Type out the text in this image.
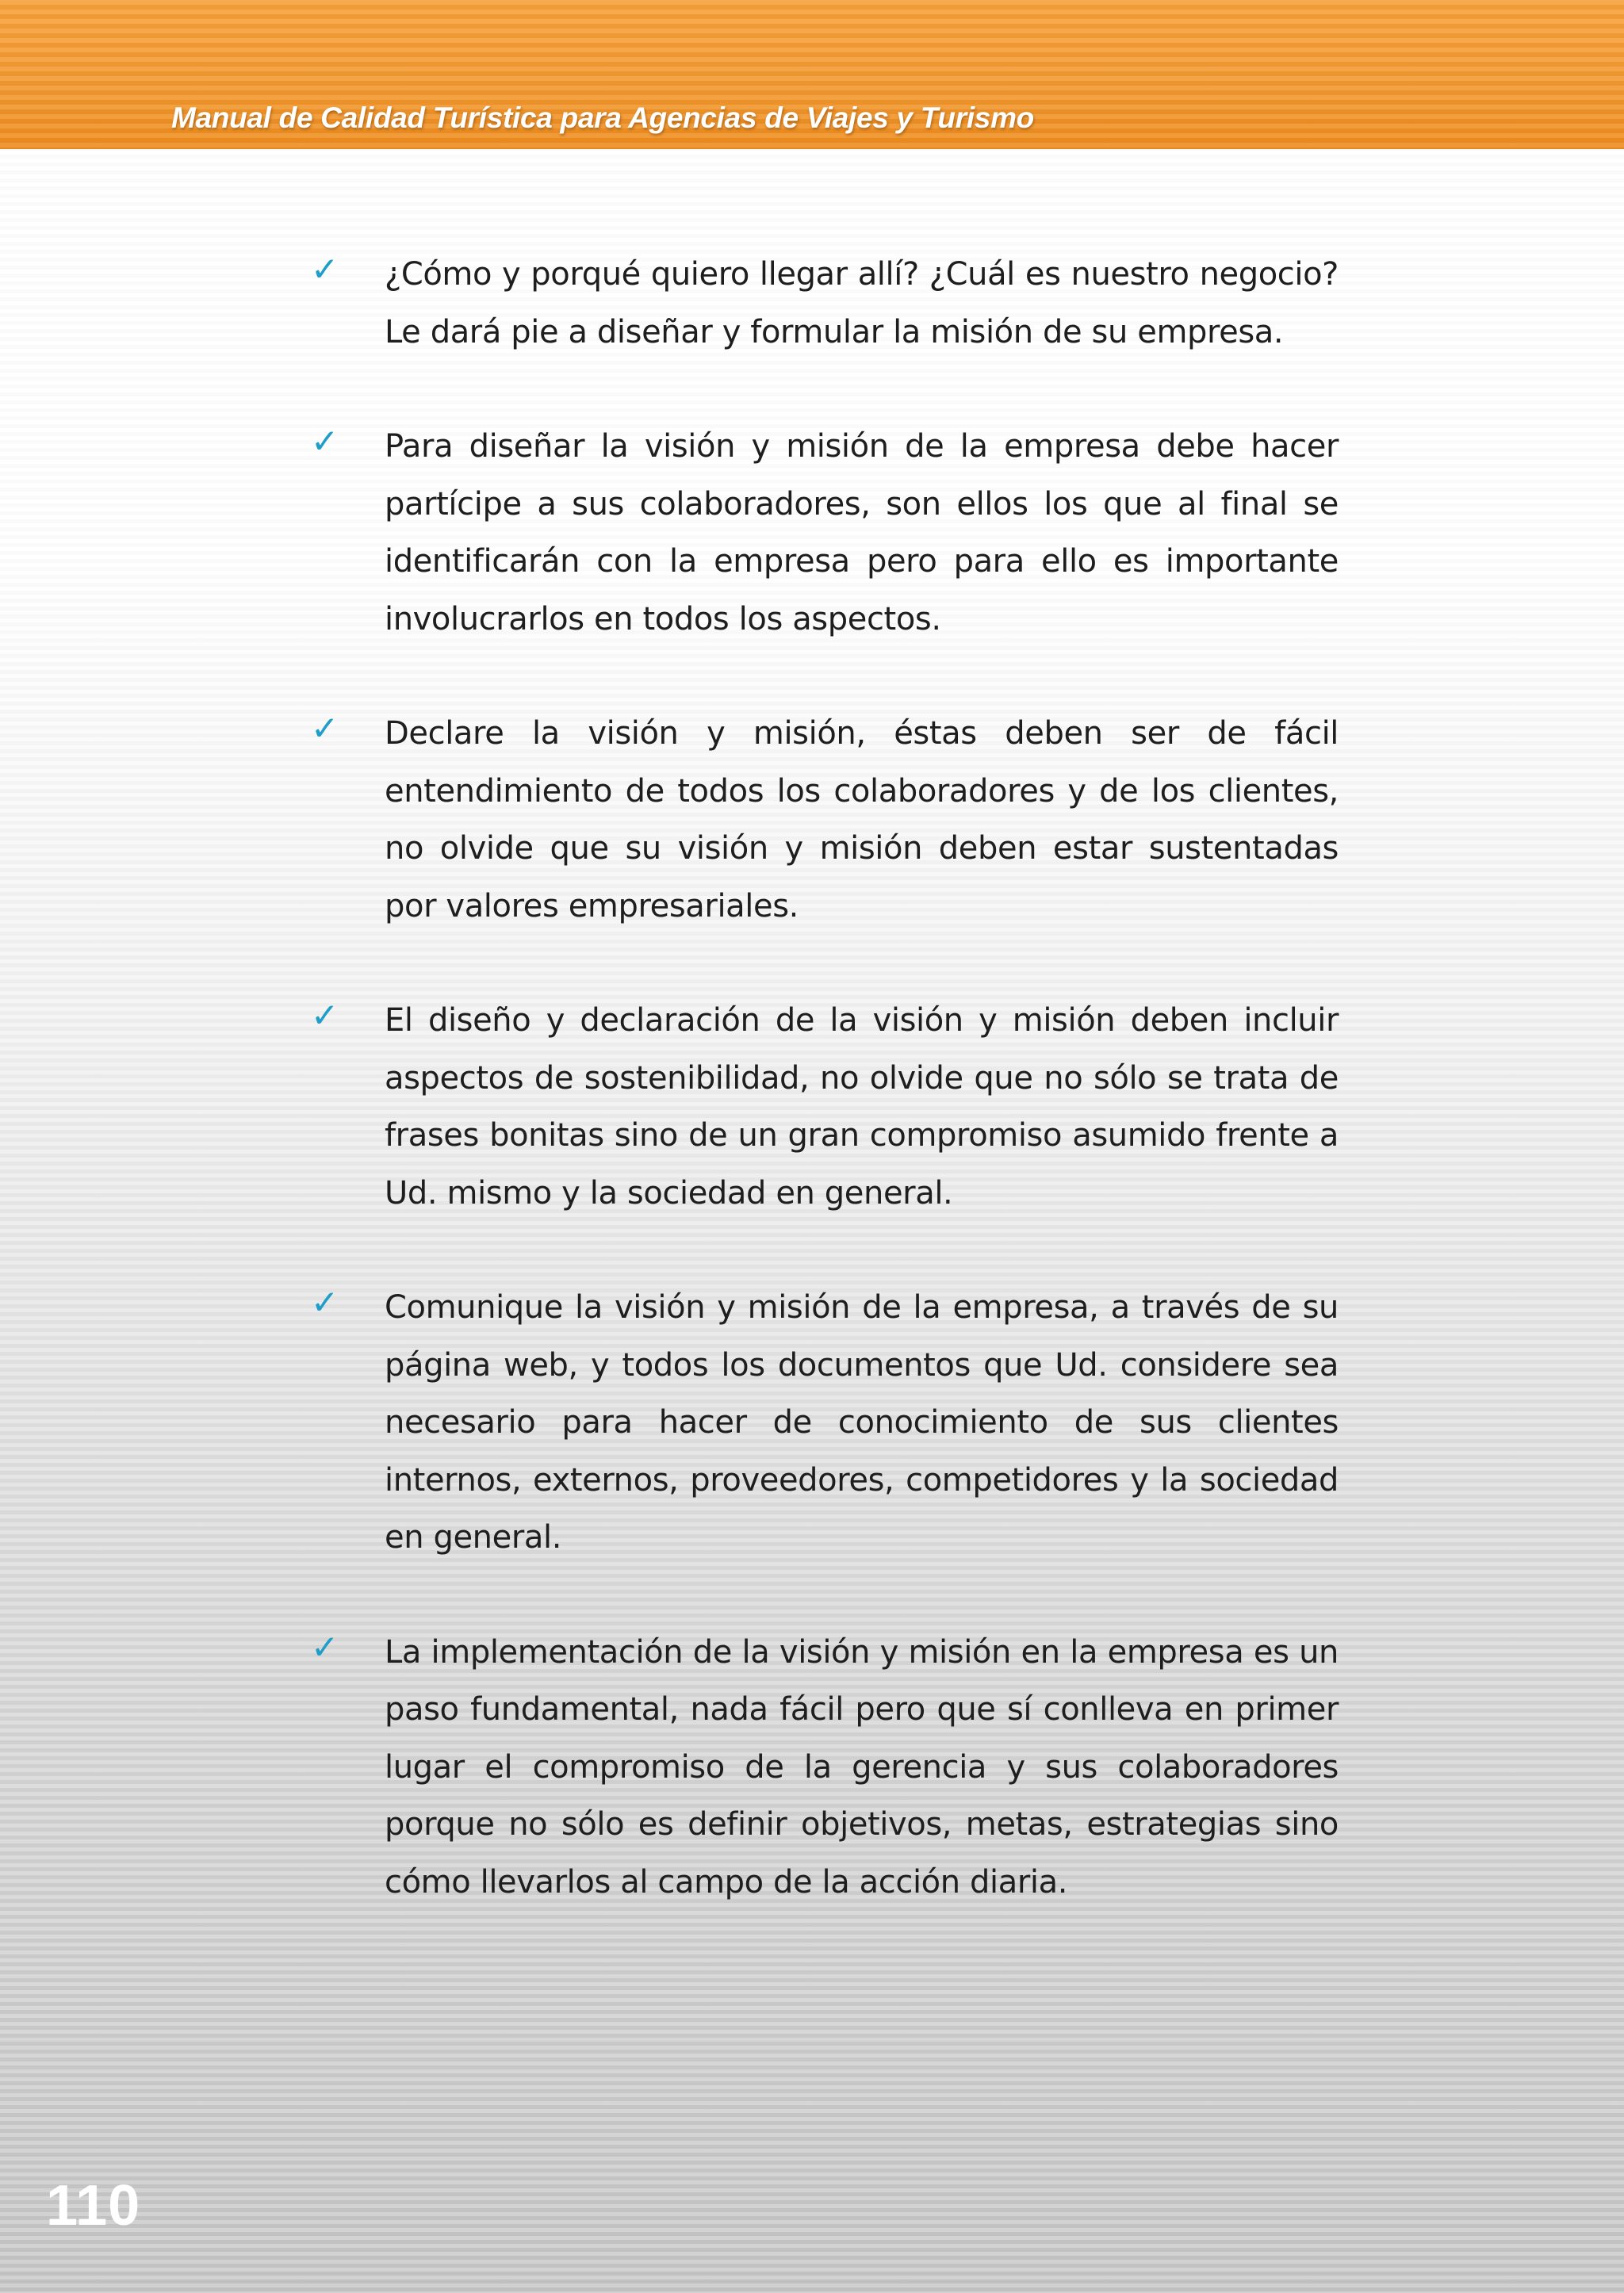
Manual de Calidad Turística para Agencias de Viajes y Turismo
✓ ¿Cómo y porqué quiero llegar allí? ¿Cuál es nuestro negocio? Le dará pie a diseñar y formular la misión de su empresa.
✓ Para diseñar la visión y misión de la empresa debe hacer partícipe a sus colaboradores, son ellos los que al final se identificarán con la empresa pero para ello es importante involucrarlos en todos los aspectos.
✓ Declare la visión y misión, éstas deben ser de fácil entendimiento de todos los colaboradores y de los clientes, no olvide que su visión y misión deben estar sustentadas por valores empresariales.
✓ El diseño y declaración de la visión y misión deben incluir aspectos de sostenibilidad, no olvide que no sólo se trata de frases bonitas sino de un gran compromiso asumido frente a Ud. mismo y la sociedad en general.
✓ Comunique la visión y misión de la empresa, a través de su página web, y todos los documentos que Ud. considere sea necesario para hacer de conocimiento de sus clientes internos, externos, proveedores, competidores y la sociedad en general.
✓ La implementación de la visión y misión en la empresa es un paso fundamental, nada fácil pero que sí conlleva en primer lugar el compromiso de la gerencia y sus colaboradores porque no sólo es definir objetivos, metas, estrategias sino cómo llevarlos al campo de la acción diaria.
110
